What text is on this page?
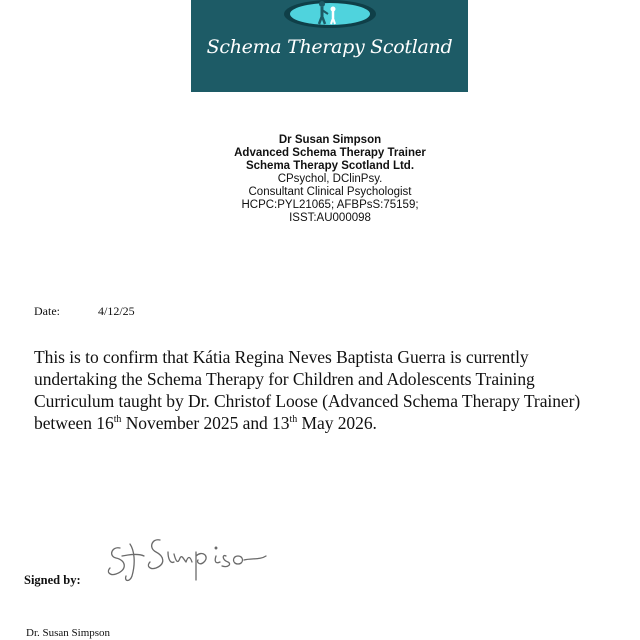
Schema Therapy Scotland
Dr Susan Simpson
Advanced Schema Therapy Trainer
Schema Therapy Scotland Ltd.
CPsychol, DClinPsy.
Consultant Clinical Psychologist
HCPC:PYL21065; AFBPsS:75159;
ISST:AU000098
Date:	4/12/25
This is to confirm that Kátia Regina Neves Baptista Guerra is currently
undertaking the Schema Therapy for Children and Adolescents Training
Curriculum taught by Dr. Christof Loose (Advanced Schema Therapy Trainer)
between 16th November 2025 and 13th May 2026.
Signed by:
Dr. Susan Simpson
